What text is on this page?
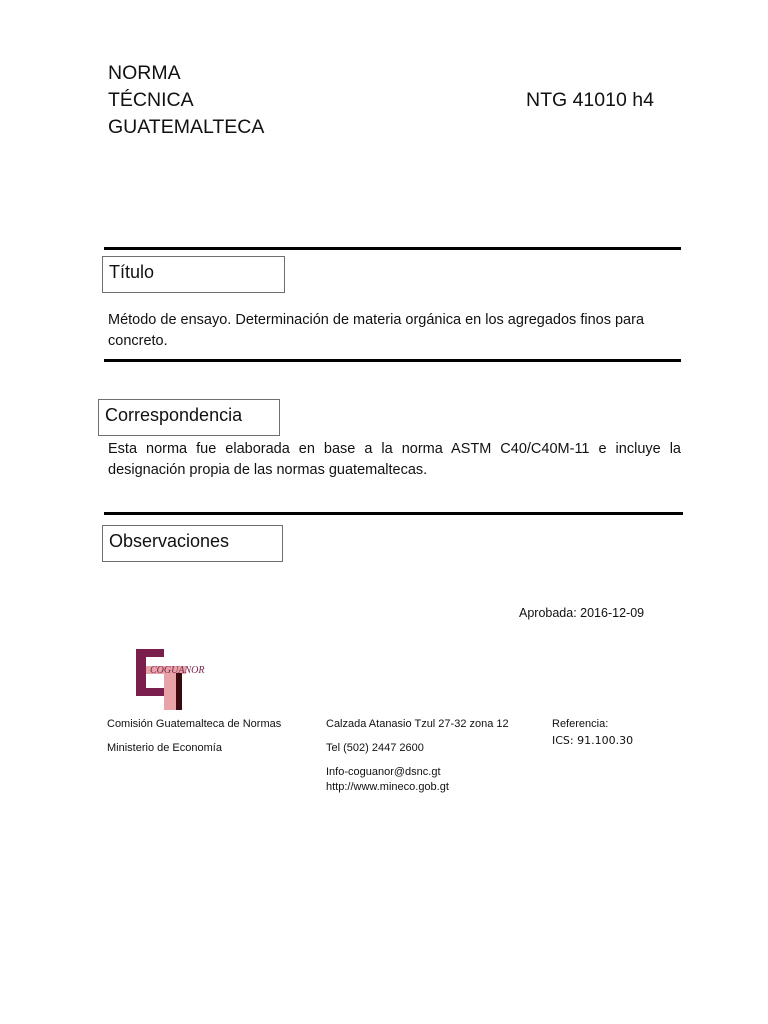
NORMA
TÉCNICA
GUATEMALTECA
NTG 41010 h4
Título
Método de ensayo. Determinación de materia orgánica en los agregados finos para concreto.
Correspondencia
Esta norma fue elaborada en base a la norma ASTM C40/C40M-11 e incluye la designación propia de las normas guatemaltecas.
Observaciones
Aprobada: 2016-12-09
COGUANOR
Comisión Guatemalteca de Normas
Ministerio de Economía
Calzada Atanasio Tzul 27-32 zona 12
Tel (502) 2447 2600
Info-coguanor@dsnc.gt
http://www.mineco.gob.gt
Referencia:
ICS: 91.100.30
